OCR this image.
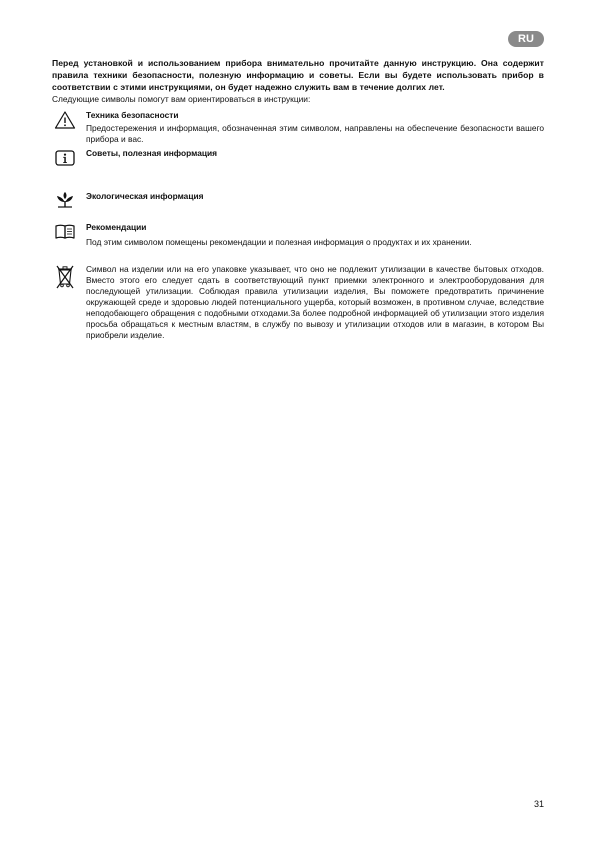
RU
Перед установкой и использованием прибора внимательно прочитайте данную инструкцию. Она содержит правила техники безопасности, полезную информацию и советы. Если вы будете использовать прибор в соответствии с этими инструкциями, он будет надежно служить вам в течение долгих лет.
Следующие символы помогут вам ориентироваться в инструкции:
Техника безопасности
Предостережения и информация, обозначенная этим символом, направлены на обеспечение безопасности вашего прибора и вас.
Советы, полезная информация
Экологическая информация
Рекомендации
Под этим символом помещены рекомендации и полезная информация о продуктах и их хранении.
Символ на изделии или на его упаковке указывает, что оно не подлежит утилизации в качестве бытовых отходов. Вместо этого его следует сдать в соответствующий пункт приемки электронного и электрооборудования для последующей утилизации. Соблюдая правила утилизации изделия, Вы поможете предотвратить причинение окружающей среде и здоровью людей потенциального ущерба, который возможен, в противном случае, вследствие неподобающего обращения с подобными отходами.За более подробной информацией об утилизации этого изделия просьба обращаться к местным властям, в службу по вывозу и утилизации отходов или в магазин, в котором Вы приобрели изделие.
31
